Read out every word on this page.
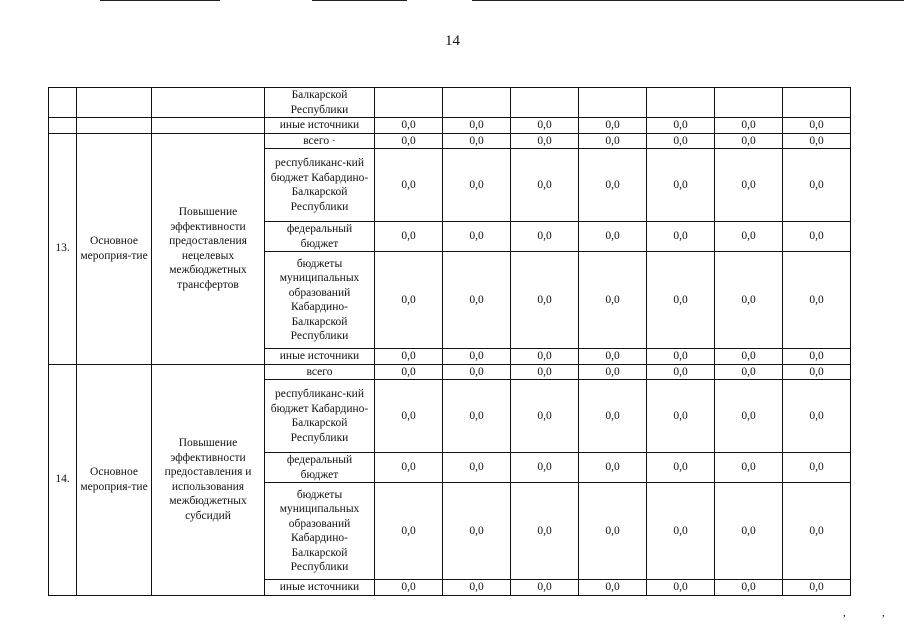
14
			Балкарской Республики							
			иные источники	0,0	0,0	0,0	0,0	0,0	0,0	0,0
13.	Основное мероприя-тие	Повышение эффективности предоставления нецелевых межбюджетных трансфертов	всего ·	0,0	0,0	0,0	0,0	0,0	0,0	0,0
			республиканс-кий бюджет Кабардино-Балкарской Республики	0,0	0,0	0,0	0,0	0,0	0,0	0,0
			федеральный бюджет	0,0	0,0	0,0	0,0	0,0	0,0	0,0
			бюджеты муниципальных образований Кабардино-Балкарской Республики	0,0	0,0	0,0	0,0	0,0	0,0	0,0
			иные источники	0,0	0,0	0,0	0,0	0,0	0,0	0,0
14.	Основное мероприя-тие	Повышение эффективности предоставления и использования межбюджетных субсидий	всего	0,0	0,0	0,0	0,0	0,0	0,0	0,0
			республиканс-кий бюджет Кабардино-Балкарской Республики	0,0	0,0	0,0	0,0	0,0	0,0	0,0
			федеральный бюджет	0,0	0,0	0,0	0,0	0,0	0,0	0,0
			бюджеты муниципальных образований Кабардино-Балкарской Республики	0,0	0,0	0,0	0,0	0,0	0,0	0,0
			иные источники	0,0	0,0	0,0	0,0	0,0	0,0	0,0
,	,
